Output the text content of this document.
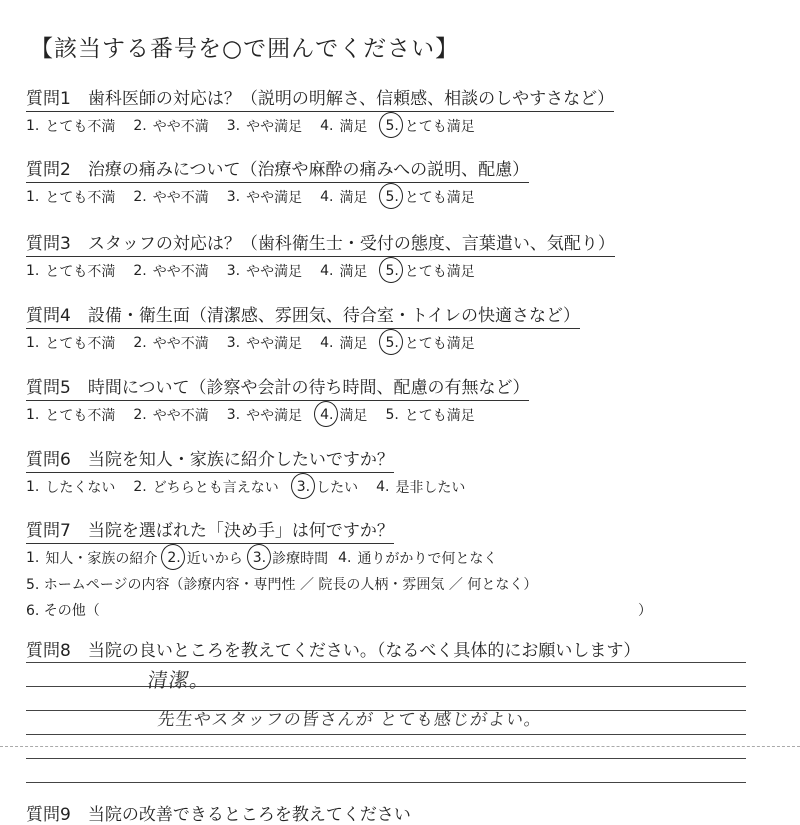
【該当する番号を○で囲んでください】
質問1　歯科医師の対応は？（説明の明解さ、信頼感、相談のしやすさなど）
1. とても不満 2. やや不満 3. やや満足 4. 満足 5. とても満足
質問2　治療の痛みについて（治療や麻酔の痛みへの説明、配慮）
1. とても不満 2. やや不満 3. やや満足 4. 満足 5. とても満足
質問3　スタッフの対応は？（歯科衛生士・受付の態度、言葉遣い、気配り）
1. とても不満 2. やや不満 3. やや満足 4. 満足 5. とても満足
質問4　設備・衛生面（清潔感、雰囲気、待合室・トイレの快適さなど）
1. とても不満 2. やや不満 3. やや満足 4. 満足 5. とても満足
質問5　時間について（診察や会計の待ち時間、配慮の有無など）
1. とても不満 2. やや不満 3. やや満足 4. 満足 5. とても満足
質問6　当院を知人・家族に紹介したいですか？
1. したくない 2. どちらとも言えない 3. したい 4. 是非したい
質問7　当院を選ばれた「決め手」は何ですか？
1. 知人・家族の紹介 2. 近いから 3. 診療時間 4. 通りがかりで何となく
5. ホームページの内容（診療内容・専門性 ／ 院長の人柄・雰囲気 ／ 何となく）
6. その他（	）
質問8　当院の良いところを教えてください。（なるべく具体的にお願いします）
清潔。
先生やスタッフの皆さんが とても感じがよい。
質問9　当院の改善できるところを教えてください
